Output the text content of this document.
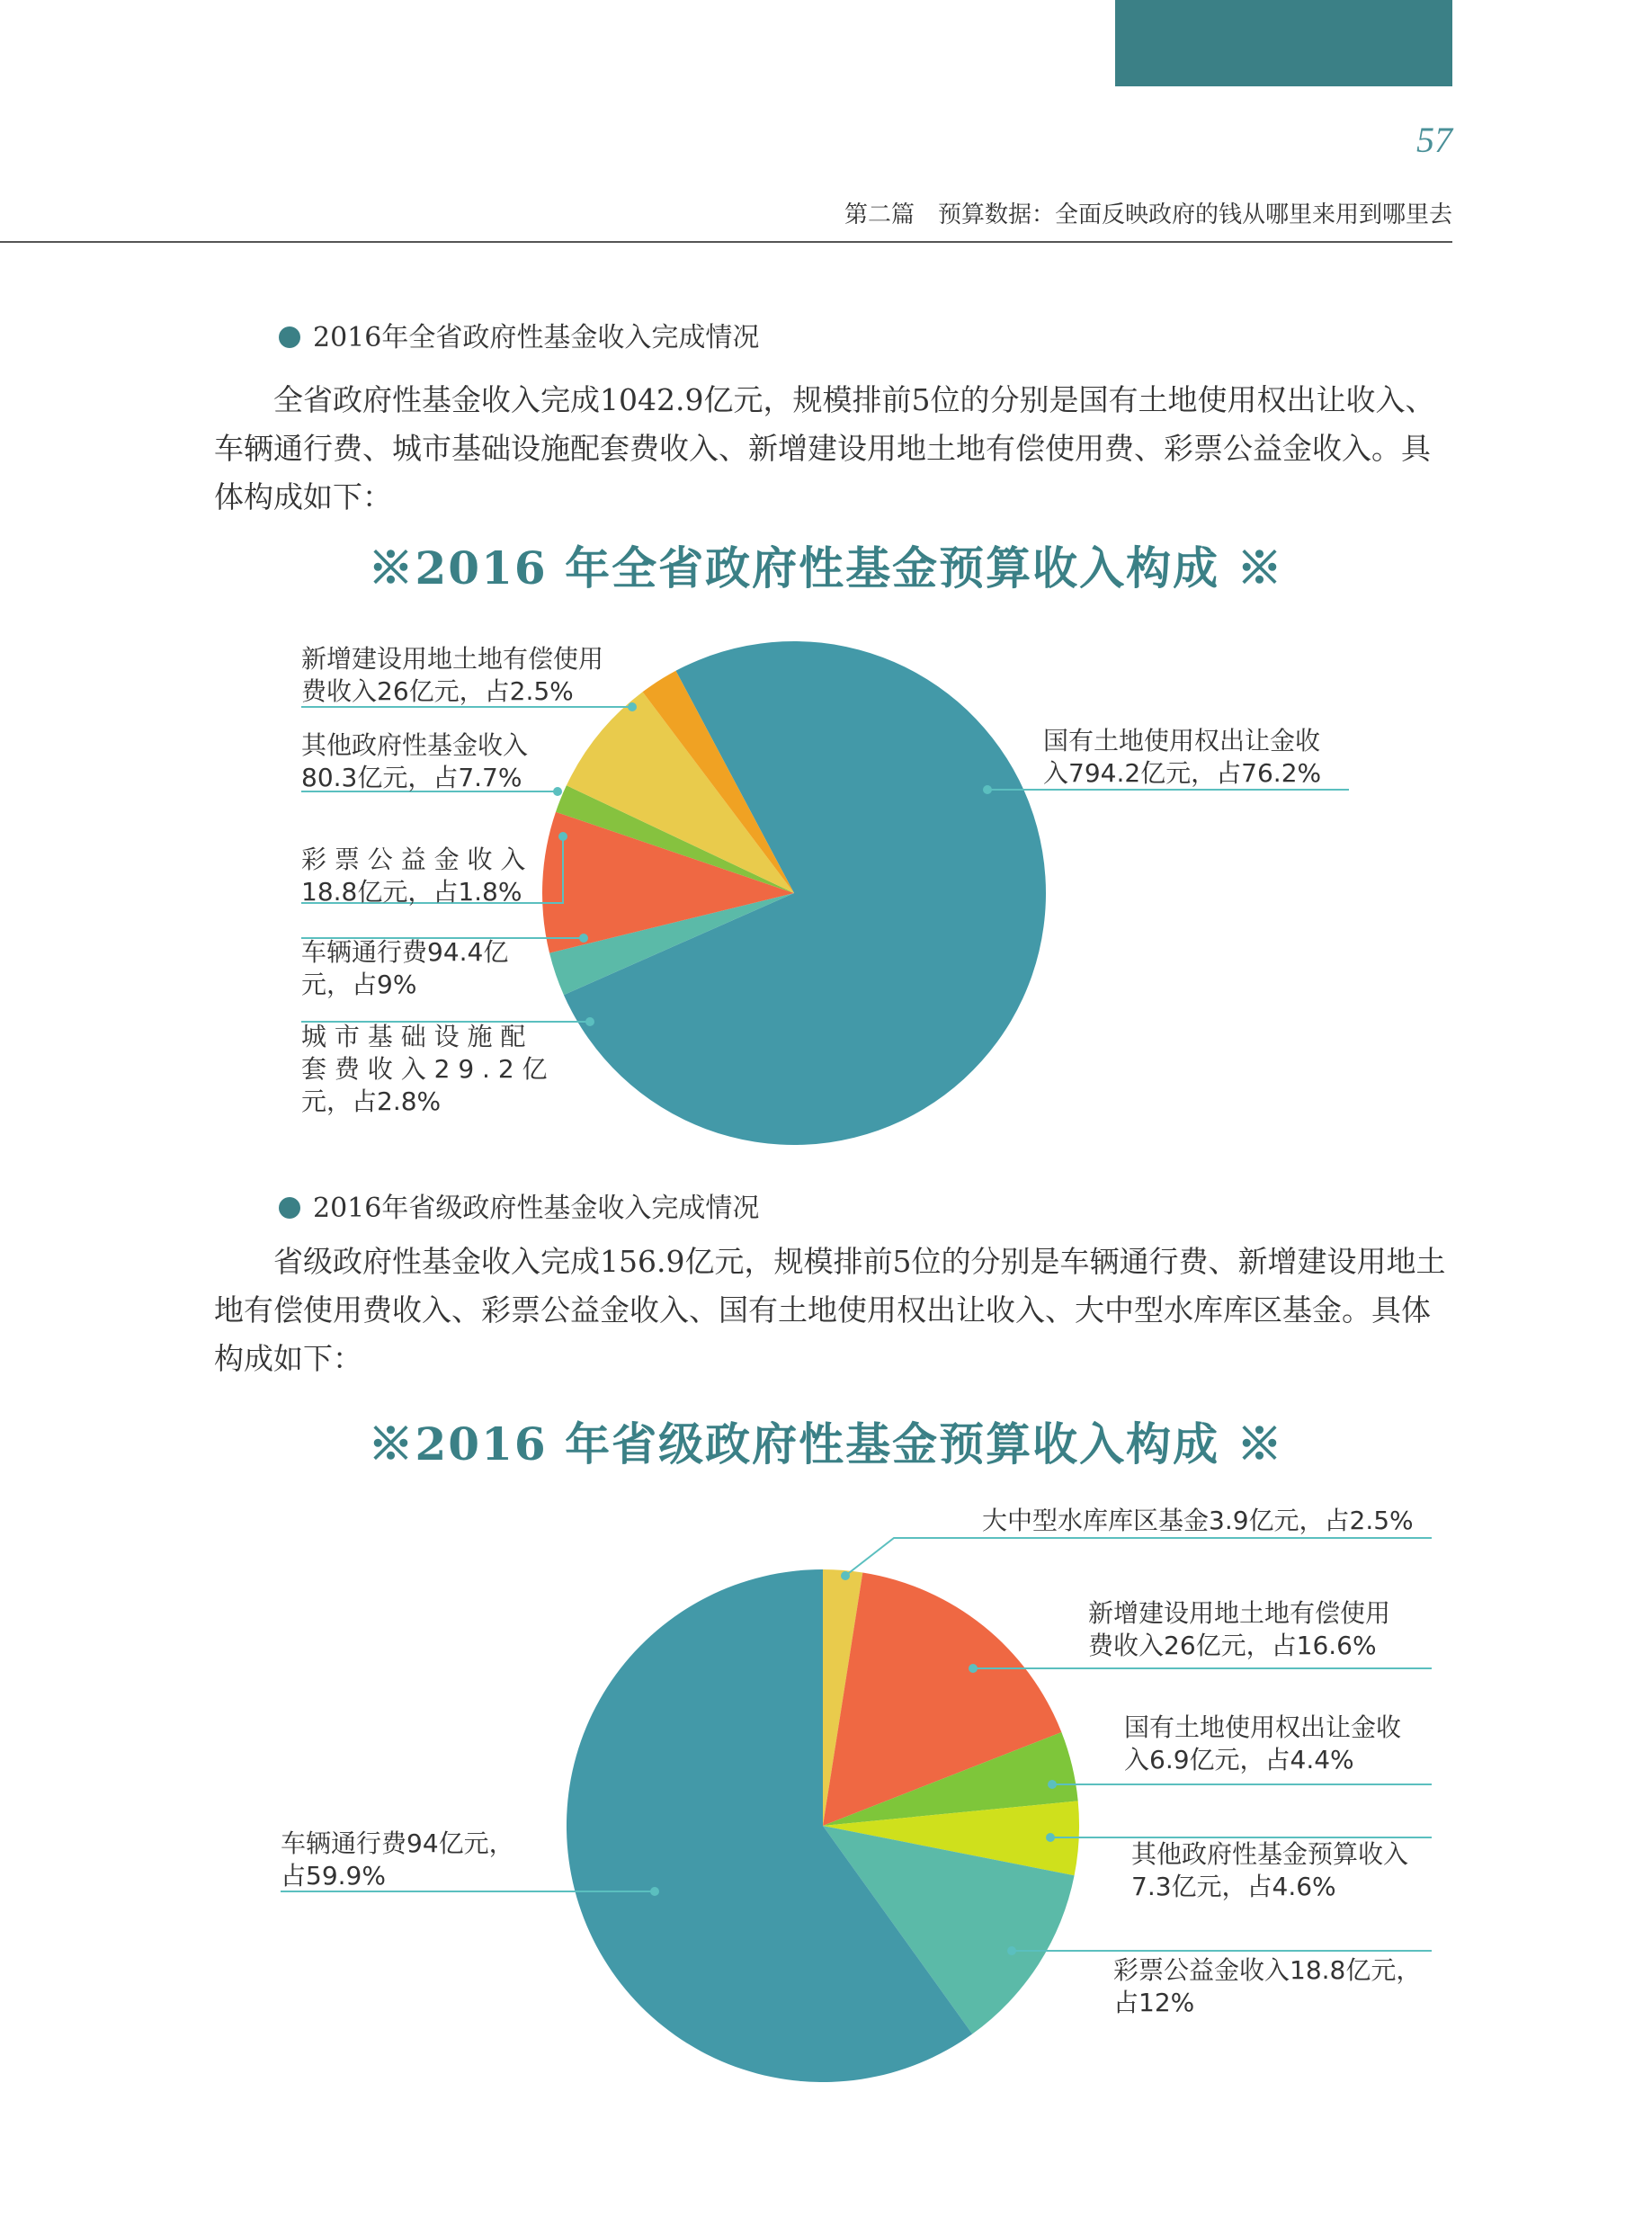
57
第二篇　预算数据：全面反映政府的钱从哪里来用到哪里去
2016年全省政府性基金收入完成情况

全省政府性基金收入完成1042.9亿元，规模排前5位的分别是国有土地使用权出让收入、车辆通行费、城市基础设施配套费收入、新增建设用地土地有偿使用费、彩票公益金收入。具体构成如下：

※2016 年全省政府性基金预算收入构成 ※
国有土地使用权出让金收
入794.2亿元，占76.2%
城 市 基 础 设 施 配
套 费 收 入 2 9 . 2 亿
元，占2.8%
车辆通行费94.4亿
元，占9%
彩 票 公 益 金 收 入
18.8亿元，占1.8%
其他政府性基金收入
80.3亿元，占7.7%
新增建设用地土地有偿使用
费收入26亿元，占2.5%
2016年省级政府性基金收入完成情况

省级政府性基金收入完成156.9亿元，规模排前5位的分别是车辆通行费、新增建设用地土地有偿使用费收入、彩票公益金收入、国有土地使用权出让收入、大中型水库库区基金。具体构成如下：

※2016 年省级政府性基金预算收入构成 ※
大中型水库库区基金3.9亿元，占2.5%
新增建设用地土地有偿使用
费收入26亿元，占16.6%
国有土地使用权出让金收
入6.9亿元，占4.4%
其他政府性基金预算收入
7.3亿元，占4.6%
彩票公益金收入18.8亿元，
占12%
车辆通行费94亿元，
占59.9%
